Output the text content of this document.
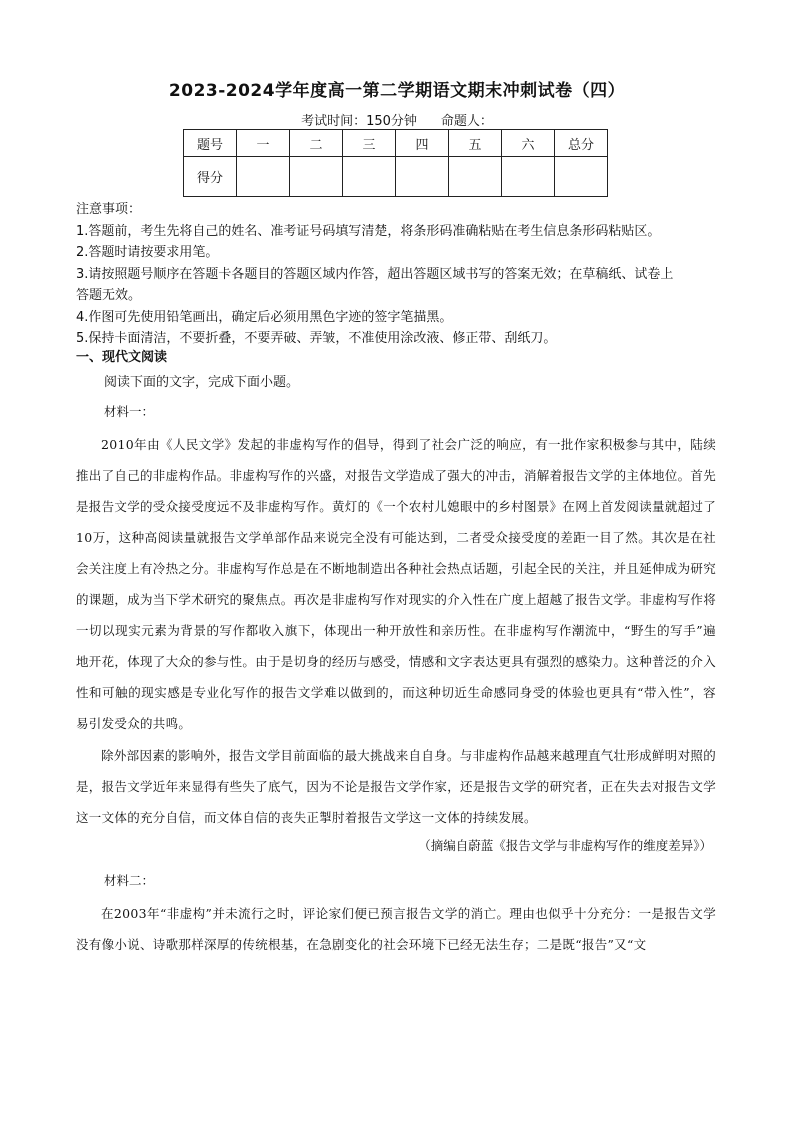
2023-2024学年度高一第二学期语文期末冲刺试卷（四）
考试时间：150分钟 命题人：
题号	一	二	三	四	五	六	总分
得分							
注意事项：
1.答题前，考生先将自己的姓名、准考证号码填写清楚，将条形码准确粘贴在考生信息条形码粘贴区。
2.答题时请按要求用笔。
3.请按照题号顺序在答题卡各题目的答题区域内作答，超出答题区域书写的答案无效；在草稿纸、试卷上
答题无效。
4.作图可先使用铅笔画出，确定后必须用黑色字迹的签字笔描黑。
5.保持卡面清洁，不要折叠，不要弄破、弄皱，不准使用涂改液、修正带、刮纸刀。
一、现代文阅读
阅读下面的文字，完成下面小题。
材料一：
2010年由《人民文学》发起的非虚构写作的倡导，得到了社会广泛的响应，有一批作家积极参与其中，陆续推出了自己的非虚构作品。非虚构写作的兴盛，对报告文学造成了强大的冲击，消解着报告文学的主体地位。首先是报告文学的受众接受度远不及非虚构写作。黄灯的《一个农村儿媳眼中的乡村图景》在网上首发阅读量就超过了10万，这种高阅读量就报告文学单部作品来说完全没有可能达到，二者受众接受度的差距一目了然。其次是在社会关注度上有冷热之分。非虚构写作总是在不断地制造出各种社会热点话题，引起全民的关注，并且延伸成为研究的课题，成为当下学术研究的聚焦点。再次是非虚构写作对现实的介入性在广度上超越了报告文学。非虚构写作将一切以现实元素为背景的写作都收入旗下，体现出一种开放性和亲历性。在非虚构写作潮流中，“野生的写手”遍地开花，体现了大众的参与性。由于是切身的经历与感受，情感和文字表达更具有强烈的感染力。这种普泛的介入性和可触的现实感是专业化写作的报告文学难以做到的，而这种切近生命感同身受的体验也更具有“带入性”，容易引发受众的共鸣。
除外部因素的影响外，报告文学目前面临的最大挑战来自自身。与非虚构作品越来越理直气壮形成鲜明对照的是，报告文学近年来显得有些失了底气，因为不论是报告文学作家，还是报告文学的研究者，正在失去对报告文学这一文体的充分自信，而文体自信的丧失正掣肘着报告文学这一文体的持续发展。
（摘编自蔚蓝《报告文学与非虚构写作的维度差异》）
材料二：
在2003年“非虚构”并未流行之时，评论家们便已预言报告文学的消亡。理由也似乎十分充分：一是报告文学没有像小说、诗歌那样深厚的传统根基，在急剧变化的社会环境下已经无法生存；二是既“报告”又“文
